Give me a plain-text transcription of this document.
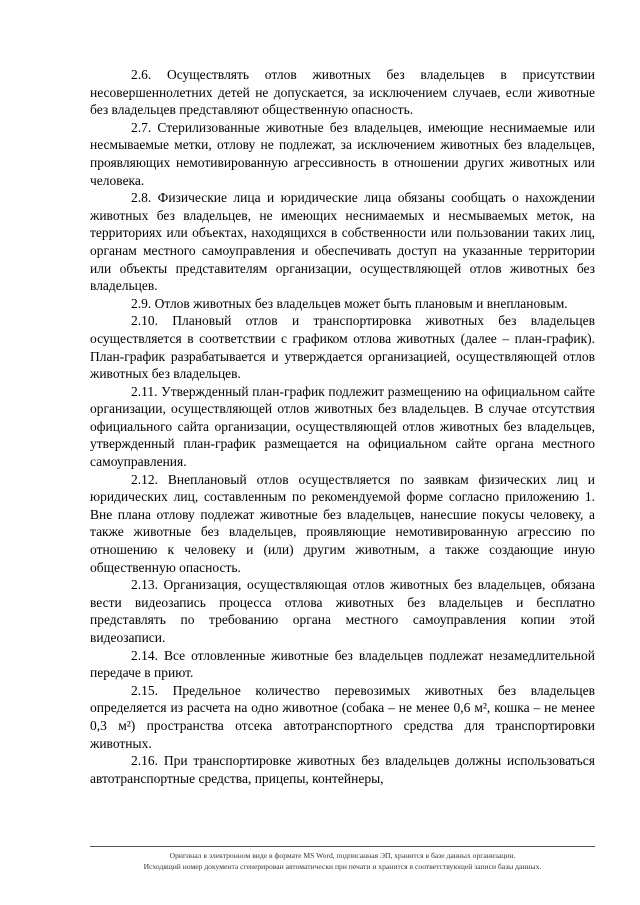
2.6. Осуществлять отлов животных без владельцев в присутствии несовершеннолетних детей не допускается, за исключением случаев, если животные без владельцев представляют общественную опасность.

2.7. Стерилизованные животные без владельцев, имеющие неснимаемые или несмываемые метки, отлову не подлежат, за исключением животных без владельцев, проявляющих немотивированную агрессивность в отношении других животных или человека.

2.8. Физические лица и юридические лица обязаны сообщать о нахождении животных без владельцев, не имеющих неснимаемых и несмываемых меток, на территориях или объектах, находящихся в собственности или пользовании таких лиц, органам местного самоуправления и обеспечивать доступ на указанные территории или объекты представителям организации, осуществляющей отлов животных без владельцев.

2.9. Отлов животных без владельцев может быть плановым и внеплановым.

2.10. Плановый отлов и транспортировка животных без владельцев осуществляется в соответствии с графиком отлова животных (далее – план-график). План-график разрабатывается и утверждается организацией, осуществляющей отлов животных без владельцев.

2.11. Утвержденный план-график подлежит размещению на официальном сайте организации, осуществляющей отлов животных без владельцев. В случае отсутствия официального сайта организации, осуществляющей отлов животных без владельцев, утвержденный план-график размещается на официальном сайте органа местного самоуправления.

2.12. Внеплановый отлов осуществляется по заявкам физических лиц и юридических лиц, составленным по рекомендуемой форме согласно приложению 1. Вне плана отлову подлежат животные без владельцев, нанесшие покусы человеку, а также животные без владельцев, проявляющие немотивированную агрессию по отношению к человеку и (или) другим животным, а также создающие иную общественную опасность.

2.13. Организация, осуществляющая отлов животных без владельцев, обязана вести видеозапись процесса отлова животных без владельцев и бесплатно представлять по требованию органа местного самоуправления копии этой видеозаписи.

2.14. Все отловленные животные без владельцев подлежат незамедлительной передаче в приют.

2.15. Предельное количество перевозимых животных без владельцев определяется из расчета на одно животное (собака – не менее 0,6 м², кошка – не менее 0,3 м²) пространства отсека автотранспортного средства для транспортировки животных.

2.16. При транспортировке животных без владельцев должны использоваться автотранспортные средства, прицепы, контейнеры,

Оригинал в электронном виде в формате MS Word, подписанная ЭП, хранится в базе данных организации.
Исходящий номер документа сгенерирован автоматически при печати и хранится в соответствующей записи базы данных.
